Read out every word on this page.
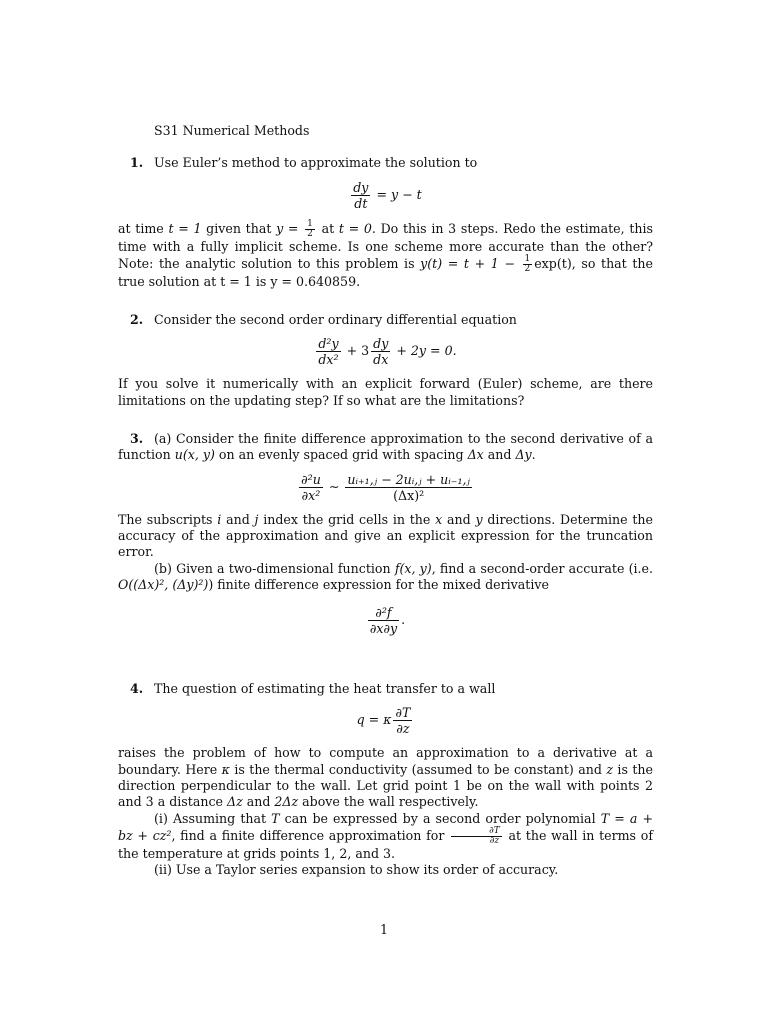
S31 Numerical Methods

1. Use Euler’s method to approximate the solution to

$\frac{dy}{dt} = y - t$

at time t = 1 given that $y = \frac{1}{2}$ at t = 0. Do this in 3 steps. Redo the estimate, this time with a fully implicit scheme. Is one scheme more accurate than the other? Note: the analytic solution to this problem is $y(t) = t + 1 - \frac{1}{2} \exp(t)$, so that the true solution at t = 1 is y = 0.640859.

2. Consider the second order ordinary differential equation

$\frac{\text{d²y}}{\text{dx²}} + 3 \frac{dy}{dx} + 2y = 0$.

If you solve it numerically with an explicit forward (Euler) scheme, are there limitations on the updating step? If so what are the limitations?

3. (a) Consider the finite difference approximation to the second derivative of a function u(x, y) on an evenly spaced grid with spacing Δx and Δy.

$\frac{\text{∂²u}}{\text{∂x²}}$ ∼ $\frac{\text{uᵢ₊₁,ⱼ − 2uᵢ,ⱼ + uᵢ₋₁,ⱼ}}{\text{(Δx)²}}$

The subscripts i and j index the grid cells in the x and y directions. Determine the accuracy of the approximation and give an explicit expression for the truncation error.

(b) Given a two-dimensional function f(x, y), find a second-order accurate (i.e. O((Δx)², (Δy)²)) finite difference expression for the mixed derivative

$\frac{\text{∂²f}}{\partial x\partial y}$ .

4. The question of estimating the heat transfer to a wall

q = κ $\frac{\partial T}{\partial z}$

raises the problem of how to compute an approximation to a derivative at a boundary. Here κ is the thermal conductivity (assumed to be constant) and z is the direction perpendicular to the wall. Let grid point 1 be on the wall with points 2 and 3 a distance Δz and 2Δz above the wall respectively.

(i) Assuming that T can be expressed by a second order polynomial T = a + bz + cz², find a finite difference approximation for $\frac{\partial T}{\partial z}$ at the wall in terms of the temperature at grids points 1, 2, and 3.

(ii) Use a Taylor series expansion to show its order of accuracy.

1
